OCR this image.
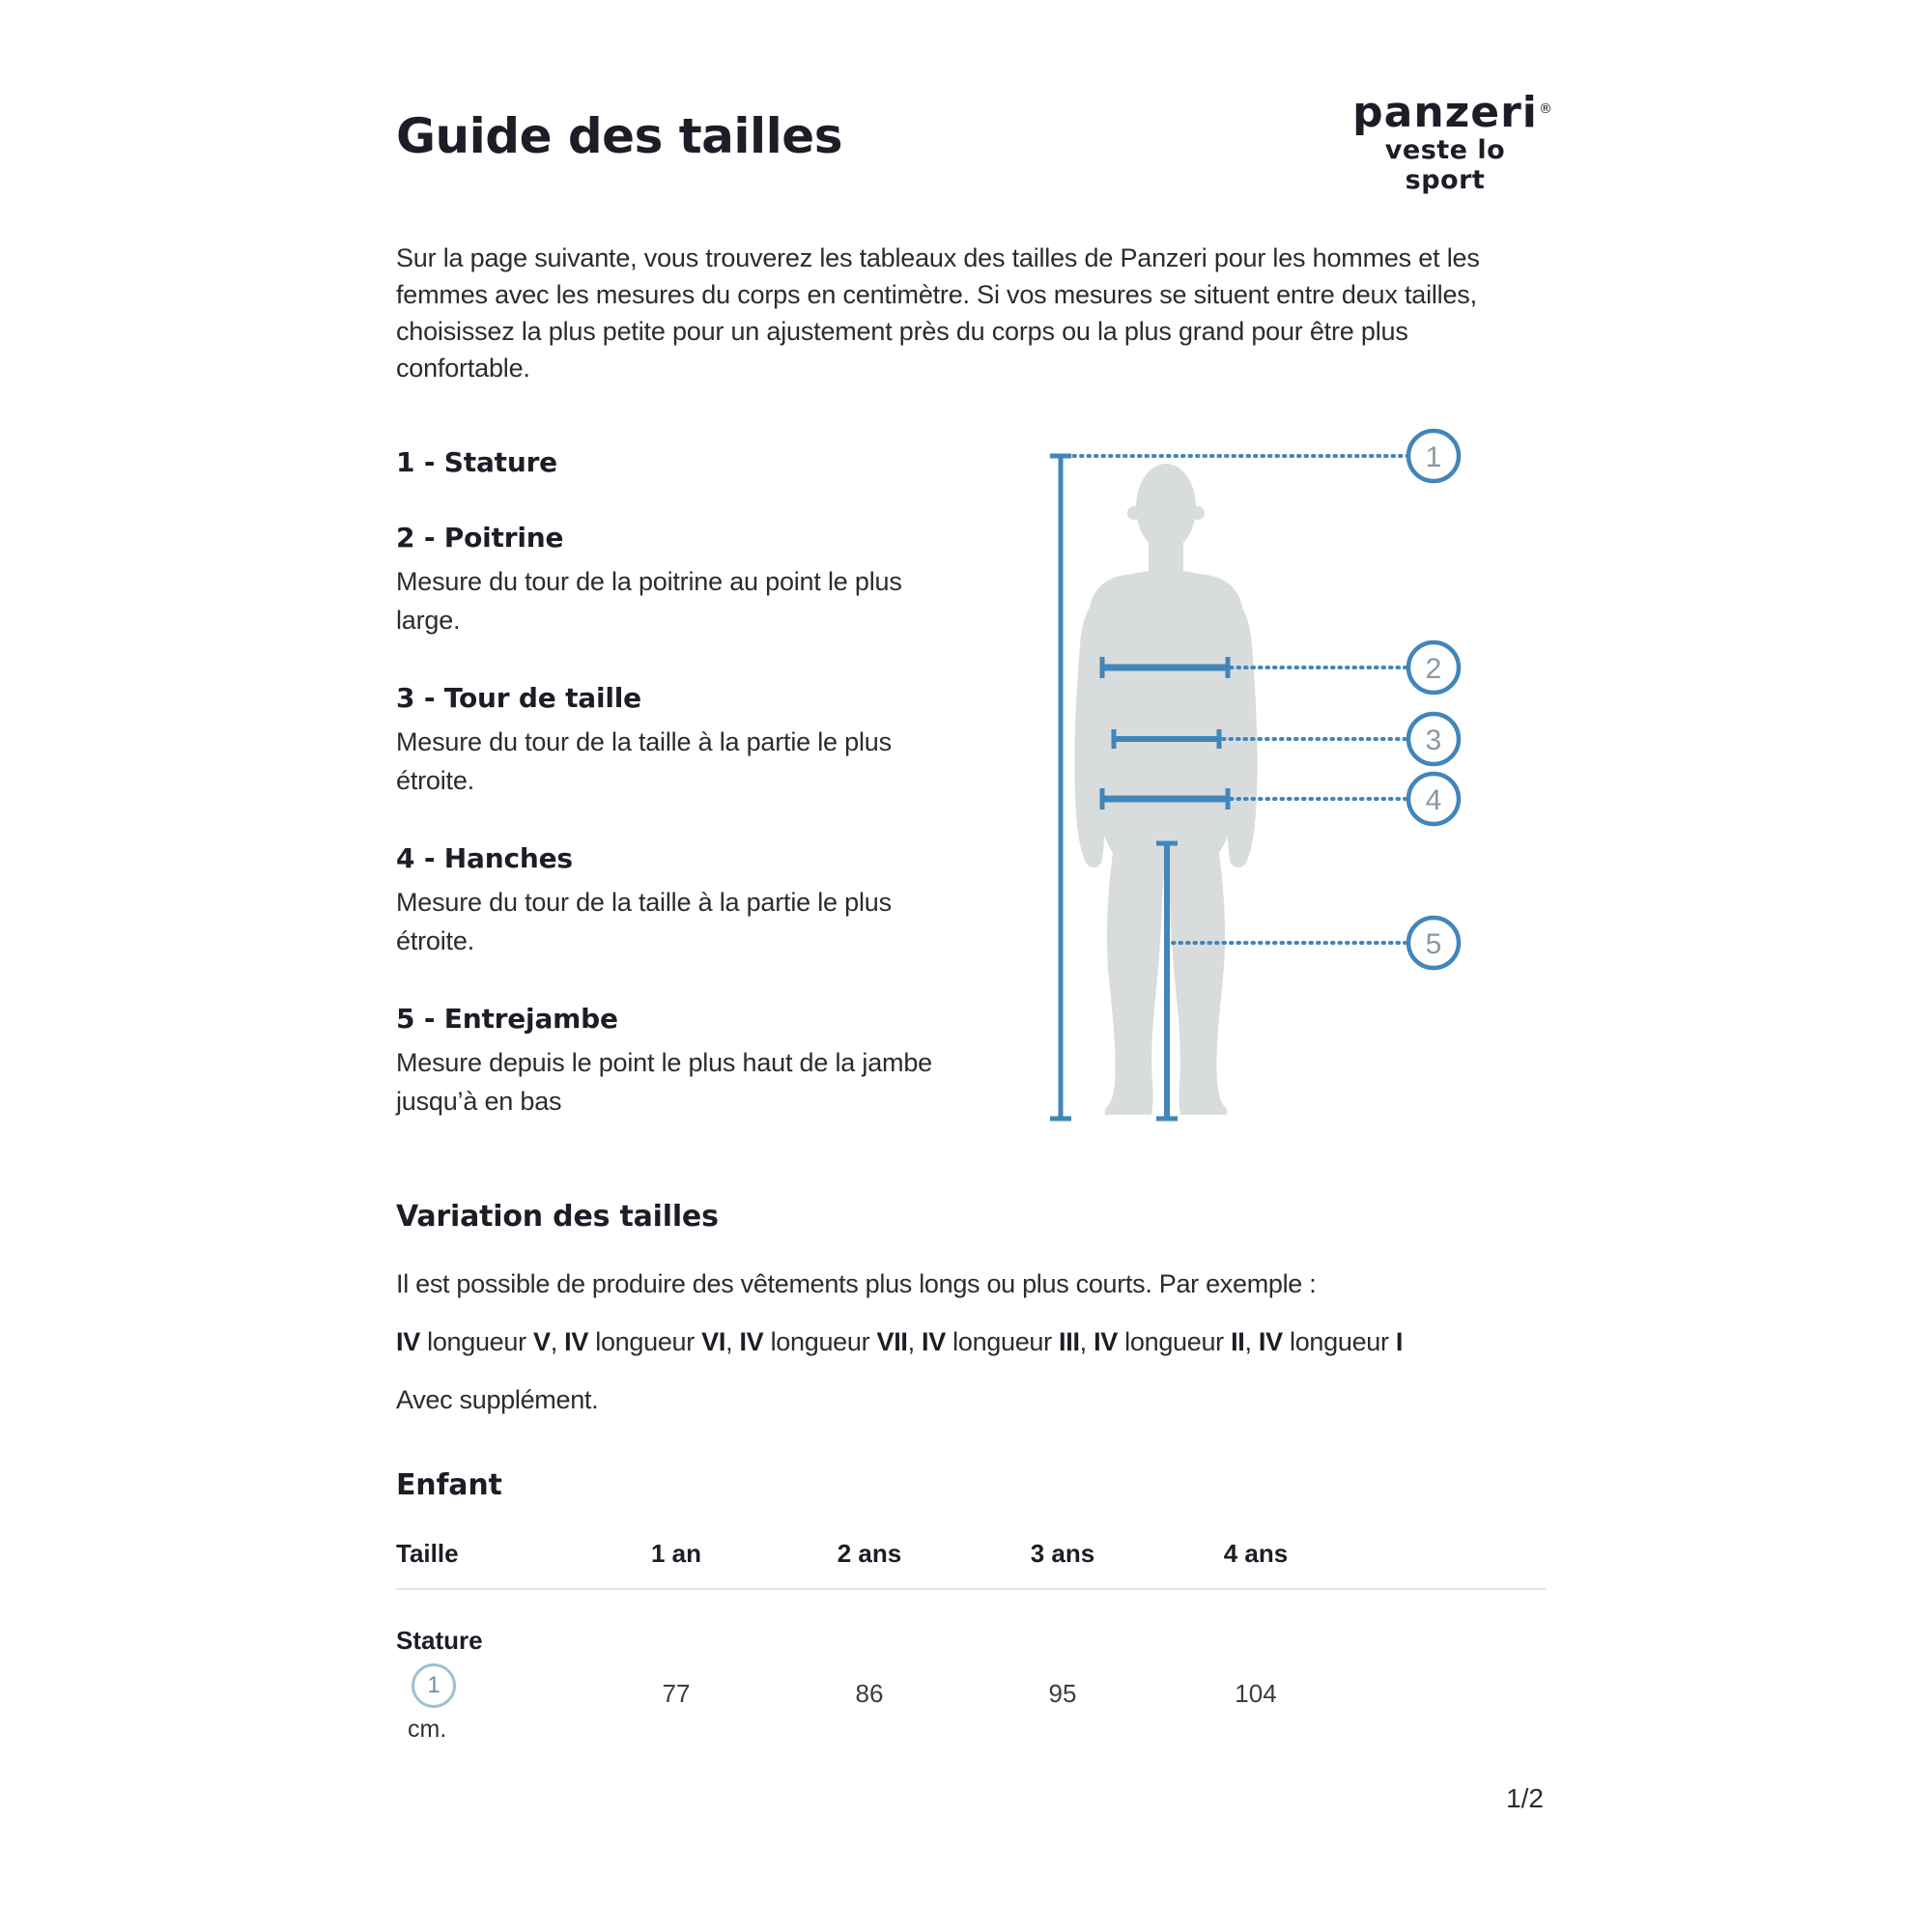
Guide des tailles	panzeri ®
veste lo sport

Sur la page suivante, vous trouverez les tableaux des tailles de Panzeri pour les hommes et les femmes avec les mesures du corps en centimètre. Si vos mesures se situent entre deux tailles, choisissez la plus petite pour un ajustement près du corps ou la plus grand pour être plus confortable.

1 - Stature
2 - Poitrine

Mesure du tour de la poitrine au point le plus large.

3 - Tour de taille

Mesure du tour de la taille à la partie le plus étroite.

4 - Hanches

Mesure du tour de la taille à la partie le plus étroite.

5 - Entrejambe

Mesure depuis le point le plus haut de la jambe jusqu’à en bas

1
2
3
4
5
Variation des tailles

Il est possible de produire des vêtements plus longs ou plus courts. Par exemple :

IV longueur V, IV longueur VI, IV longueur VII, IV longueur III, IV longueur II, IV longueur I

Avec supplément.

Enfant
Taille	1 an	2 ans	3 ans	4 ans
Stature
1
cm.
77	86	95	104
1/2
